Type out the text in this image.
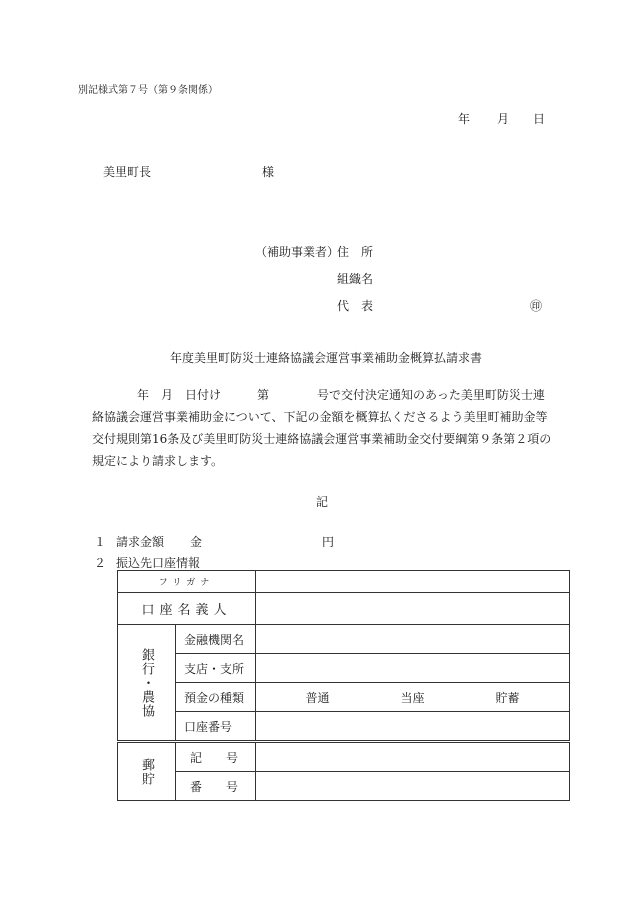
別記様式第７号（第９条関係）
年 月 日
美里町長	様
（補助事業者）
住　所
組織名
代　表	㊞
年度美里町防災士連絡協議会運営事業補助金概算払請求書
年　月　日付け　　　第　　　　号で交付決定通知のあった美里町防災士連
絡協議会運営事業補助金について、下記の金額を概算払くださるよう美里町補助金等
交付規則第16条及び美里町防災士連絡協議会運営事業補助金交付要綱第９条第２項の
規定により請求します。
記
１ 請求金額 金	円
２ 振込先口座情報
フリガナ		
口座名義人		

銀行・農協	金融機関名	
	支店・支所	
	預金の種類	普通 当座 貯蓄

	口座番号	

郵貯	記　　号	
	番　　号	
